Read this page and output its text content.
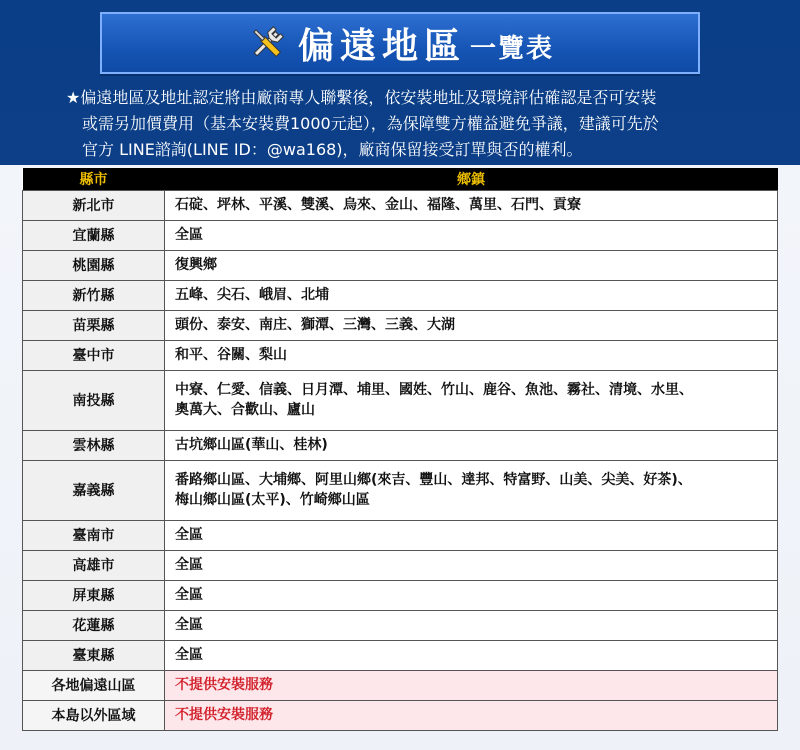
偏遠地區 一覽表
★偏遠地區及地址認定將由廠商專人聯繫後，依安裝地址及環境評估確認是否可安裝
或需另加價費用（基本安裝費1000元起），為保障雙方權益避免爭議，建議可先於
官方 LINE諮詢(LINE ID：@wa168)，廠商保留接受訂單與否的權利。
縣市	鄉鎮
新北市	石碇、坪林、平溪、雙溪、烏來、金山、福隆、萬里、石門、貢寮
宜蘭縣	全區
桃園縣	復興鄉
新竹縣	五峰、尖石、峨眉、北埔
苗栗縣	頭份、泰安、南庄、獅潭、三灣、三義、大湖
臺中市	和平、谷關、梨山
南投縣	中寮、仁愛、信義、日月潭、埔里、國姓、竹山、鹿谷、魚池、霧社、清境、水里、
奧萬大、合歡山、廬山

雲林縣	古坑鄉山區(華山、桂林)
嘉義縣	番路鄉山區、大埔鄉、阿里山鄉(來吉、豐山、達邦、特富野、山美、尖美、好茶)、
梅山鄉山區(太平)、竹崎鄉山區

臺南市	全區
高雄市	全區
屏東縣	全區
花蓮縣	全區
臺東縣	全區
各地偏遠山區	不提供安裝服務
本島以外區域	不提供安裝服務
